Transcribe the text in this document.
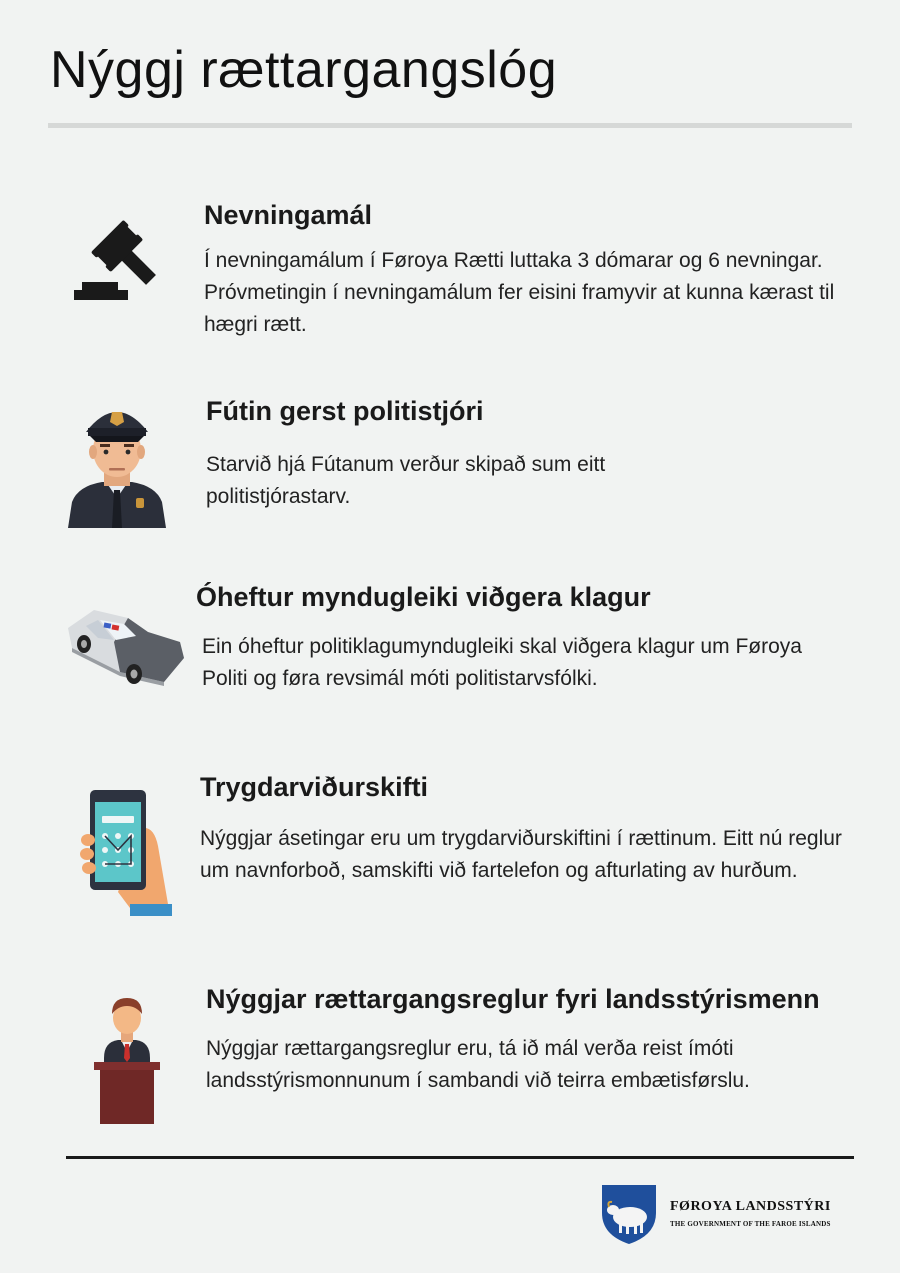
Nýggj rættargangslóg
Nevningamál

Í nevningamálum í Føroya Rætti luttaka 3 dómarar og 6 nevningar. Próvmetingin í nevningamálum fer eisini framyvir at kunna kærast til hægri rætt.

Fútin gerst politistjóri

Starvið hjá Fútanum verður skipað sum eitt politistjórastarv.

Óheftur myndugleiki viðgera klagur

Ein óheftur politiklagumyndugleiki skal viðgera klagur um Føroya Politi og føra revsimál móti politistarvsfólki.

Trygdarviðurskifti

Nýggjar ásetingar eru um trygdarviðurskiftini í rættinum. Eitt nú reglur um navnforboð, samskifti við fartelefon og afturlating av hurðum.

Nýggjar rættargangsreglur fyri landsstýrismenn

Nýggjar rættargangsreglur eru, tá ið mál verða reist ímóti landsstýrismonnunum í sambandi við teirra embætisførslu.

FØROYA LANDSSTÝRI
THE GOVERNMENT OF THE FAROE ISLANDS
